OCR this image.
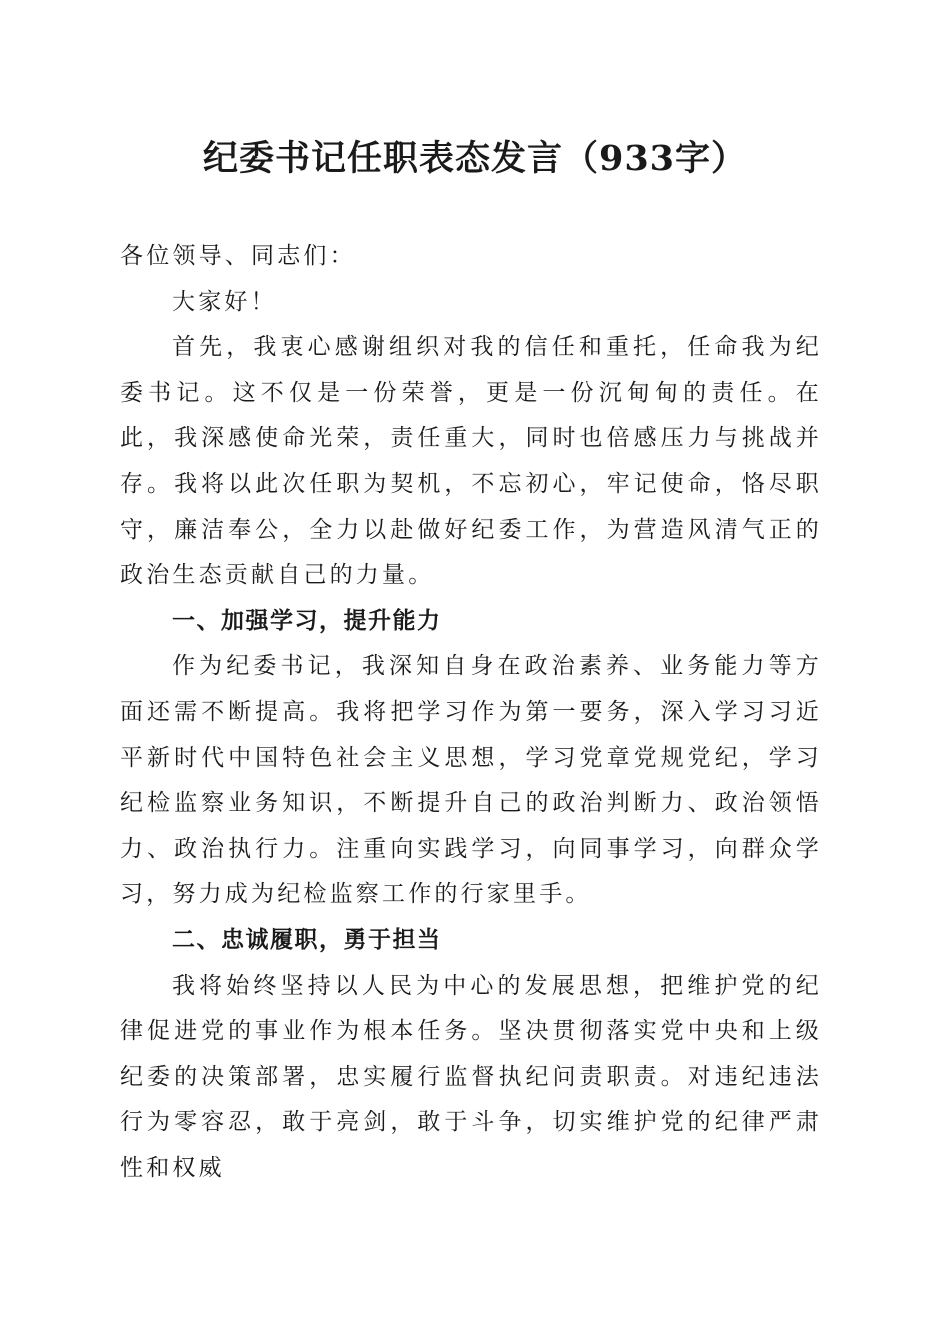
纪委书记任职表态发言（933字）

各位领导、同志们：

大家好！

首先，我衷心感谢组织对我的信任和重托，任命我为纪委书记。这不仅是一份荣誉，更是一份沉甸甸的责任。在此，我深感使命光荣，责任重大，同时也倍感压力与挑战并存。我将以此次任职为契机，不忘初心，牢记使命，恪尽职守，廉洁奉公，全力以赴做好纪委工作，为营造风清气正的政治生态贡献自己的力量。

一、加强学习，提升能力

作为纪委书记，我深知自身在政治素养、业务能力等方面还需不断提高。我将把学习作为第一要务，深入学习习近平新时代中国特色社会主义思想，学习党章党规党纪，学习纪检监察业务知识，不断提升自己的政治判断力、政治领悟力、政治执行力。注重向实践学习，向同事学习，向群众学习，努力成为纪检监察工作的行家里手。

二、忠诚履职，勇于担当

我将始终坚持以人民为中心的发展思想，把维护党的纪律促进党的事业作为根本任务。坚决贯彻落实党中央和上级纪委的决策部署，忠实履行监督执纪问责职责。对违纪违法行为零容忍，敢于亮剑，敢于斗争，切实维护党的纪律严肃性和权威
